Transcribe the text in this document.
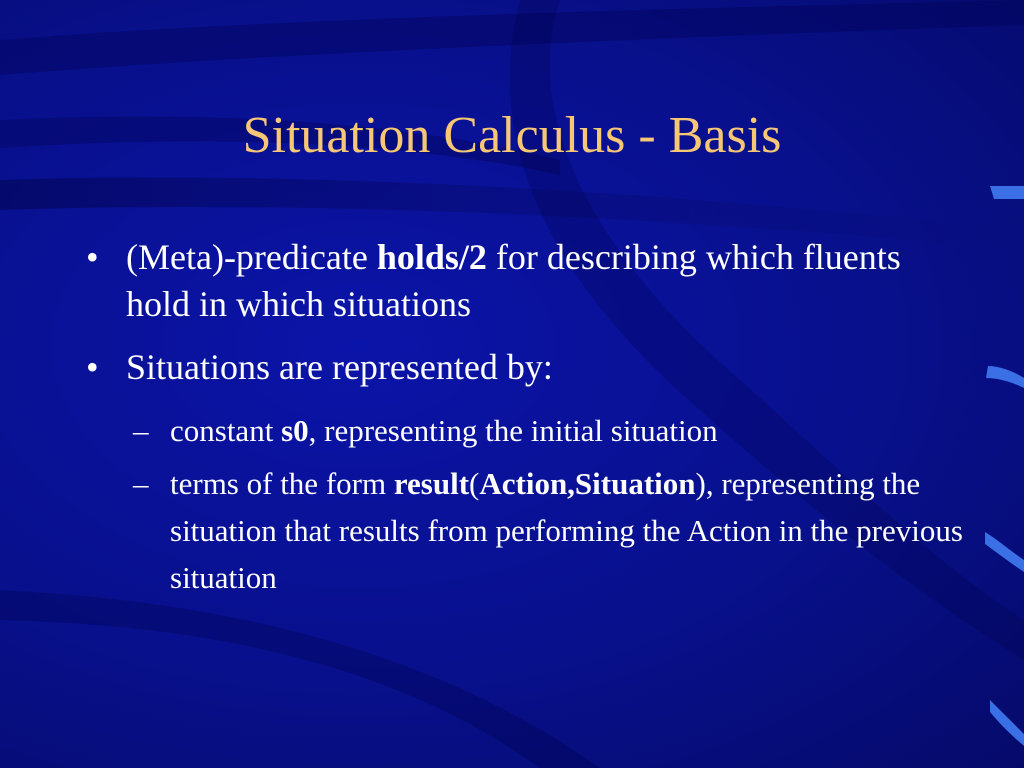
Situation Calculus - Basis
• (Meta)-predicate holds/2 for describing which fluents hold in which situations
• Situations are represented by:
– constant s0, representing the initial situation
– terms of the form result(Action,Situation), representing the situation that results from performing the Action in the previous situation
